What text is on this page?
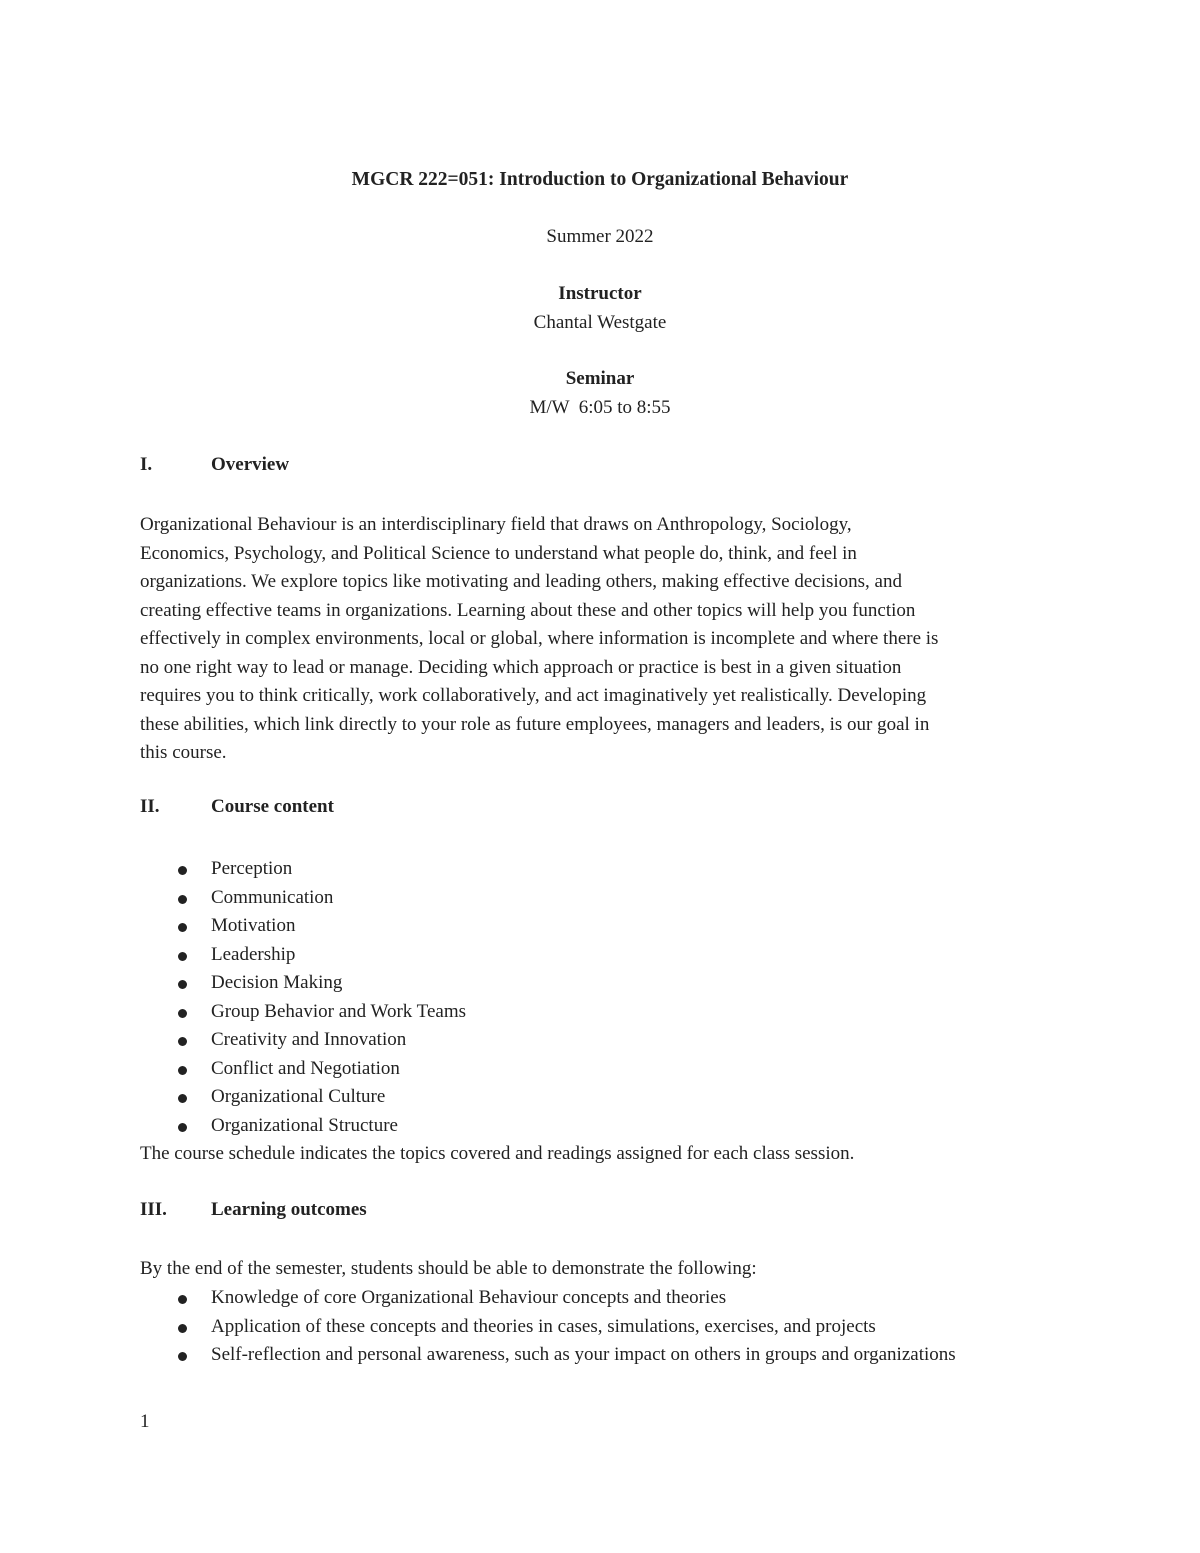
MGCR 222=051: Introduction to Organizational Behaviour
Summer 2022
Instructor
Chantal Westgate
Seminar
M/W  6:05 to 8:55
I.	Overview
Organizational Behaviour is an interdisciplinary field that draws on Anthropology, Sociology,
Economics, Psychology, and Political Science to understand what people do, think, and feel in
organizations. We explore topics like motivating and leading others, making effective decisions, and
creating effective teams in organizations. Learning about these and other topics will help you function
effectively in complex environments, local or global, where information is incomplete and where there is
no one right way to lead or manage. Deciding which approach or practice is best in a given situation
requires you to think critically, work collaboratively, and act imaginatively yet realistically. Developing
these abilities, which link directly to your role as future employees, managers and leaders, is our goal in
this course.
II.	Course content
Perception
Communication
Motivation
Leadership
Decision Making
Group Behavior and Work Teams
Creativity and Innovation
Conflict and Negotiation
Organizational Culture
Organizational Structure
The course schedule indicates the topics covered and readings assigned for each class session.
III. Learning outcomes
By the end of the semester, students should be able to demonstrate the following:
Knowledge of core Organizational Behaviour concepts and theories
Application of these concepts and theories in cases, simulations, exercises, and projects
Self-reflection and personal awareness, such as your impact on others in groups and organizations
1
